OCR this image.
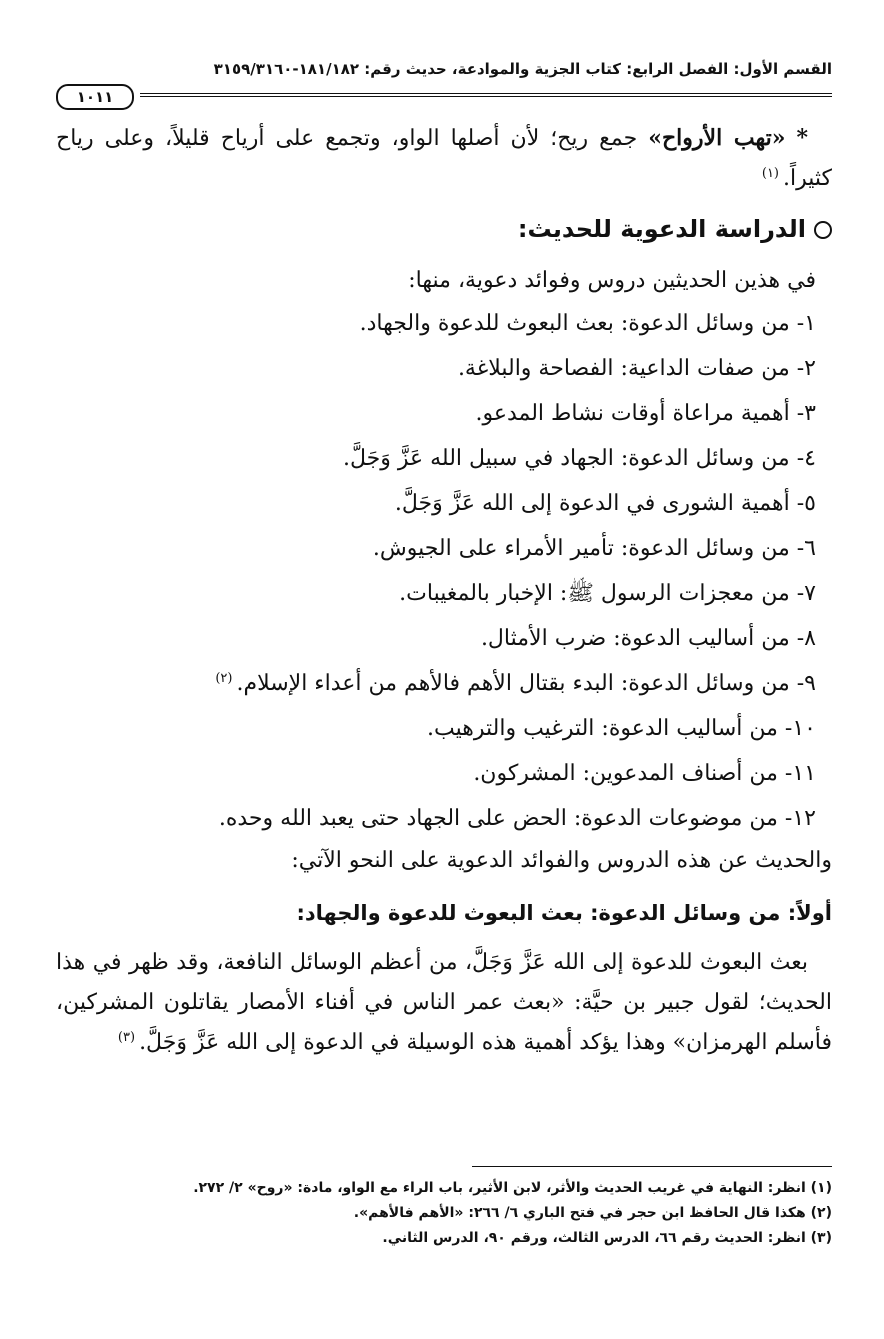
القسم الأول: الفصل الرابع: كتاب الجزية والموادعة، حديث رقم: ١٨١/١٨٢-٣١٥٩/٣١٦٠
١٠١١

* «تهب الأرواح» جمع ريح؛ لأن أصلها الواو، وتجمع على أرياح قليلاً، وعلى رياح كثيراً.$^{(١)}$

الدراسة الدعوية للحديث:

في هذين الحديثين دروس وفوائد دعوية، منها:

١- من وسائل الدعوة: بعث البعوث للدعوة والجهاد.
٢- من صفات الداعية: الفصاحة والبلاغة.
٣- أهمية مراعاة أوقات نشاط المدعو.
٤- من وسائل الدعوة: الجهاد في سبيل الله عَزَّ وَجَلَّ.
٥- أهمية الشورى في الدعوة إلى الله عَزَّ وَجَلَّ.
٦- من وسائل الدعوة: تأمير الأمراء على الجيوش.
٧- من معجزات الرسول ﷺ: الإخبار بالمغيبات.
٨- من أساليب الدعوة: ضرب الأمثال.
٩- من وسائل الدعوة: البدء بقتال الأهم فالأهم من أعداء الإسلام.$^{(٢)}$
١٠- من أساليب الدعوة: الترغيب والترهيب.
١١- من أصناف المدعوين: المشركون.
١٢- من موضوعات الدعوة: الحض على الجهاد حتى يعبد الله وحده.

والحديث عن هذه الدروس والفوائد الدعوية على النحو الآتي:

أولاً: من وسائل الدعوة: بعث البعوث للدعوة والجهاد:

بعث البعوث للدعوة إلى الله عَزَّ وَجَلَّ، من أعظم الوسائل النافعة، وقد ظهر في هذا الحديث؛ لقول جبير بن حيَّة: «بعث عمر الناس في أفناء الأمصار يقاتلون المشركين، فأسلم الهرمزان» وهذا يؤكد أهمية هذه الوسيلة في الدعوة إلى الله عَزَّ وَجَلَّ.$^{(٣)}$

(١) انظر: النهاية في غريب الحديث والأثر، لابن الأثير، باب الراء مع الواو، مادة: «روح» ٢/ ٢٧٢.

(٢) هكذا قال الحافظ ابن حجر في فتح الباري ٦/ ٢٦٦: «الأهم فالأهم».

(٣) انظر: الحديث رقم ٦٦، الدرس الثالث، ورقم ٩٠، الدرس الثاني.
